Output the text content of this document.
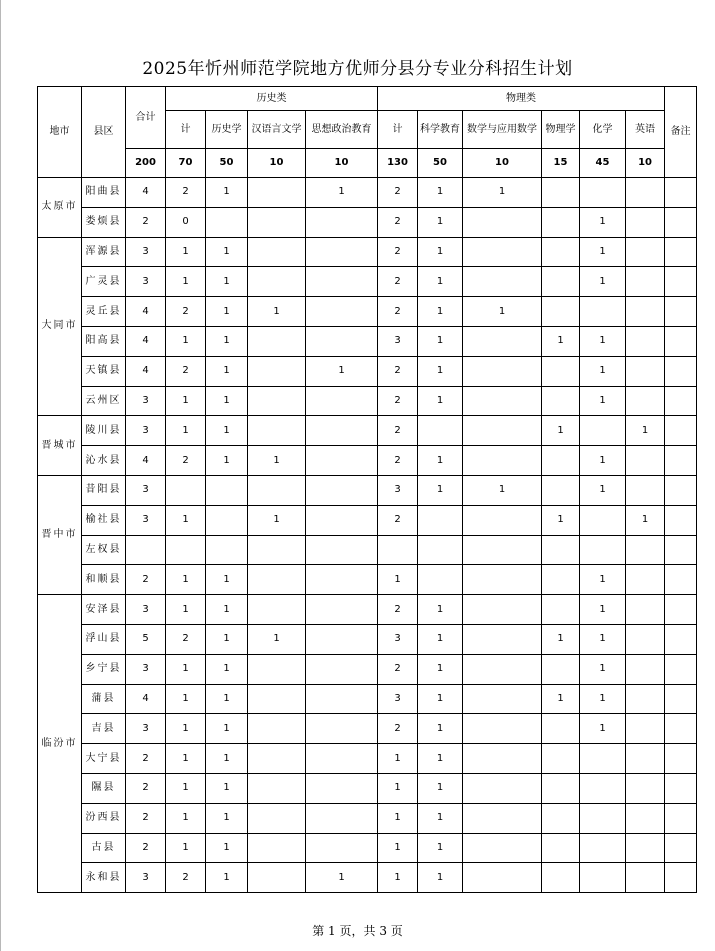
2025年忻州师范学院地方优师分县分专业分科招生计划
地市	县区	合计	历史类				物理类						备注
			计	历史学	汉语言文学	思想政治教育	计	科学教育	数学与应用数学	物理学	化学	英语	
		200	70	50	10	10	130	50	10	15	45	10	
太原市	阳曲县	4	2	1		1	2	1	1				
	娄烦县	2	0				2	1			1		
大同市	浑源县	3	1	1			2	1			1		
	广灵县	3	1	1			2	1			1		
	灵丘县	4	2	1	1		2	1	1				
	阳高县	4	1	1			3	1		1	1		
	天镇县	4	2	1		1	2	1			1		
	云州区	3	1	1			2	1			1		
晋城市	陵川县	3	1	1			2			1		1	
	沁水县	4	2	1	1		2	1			1		
晋中市	昔阳县	3					3	1	1		1		
	榆社县	3	1		1		2			1		1	
	左权县												
	和顺县	2	1	1			1				1		
临汾市	安泽县	3	1	1			2	1			1		
	浮山县	5	2	1	1		3	1		1	1		
	乡宁县	3	1	1			2	1			1		
	蒲县	4	1	1			3	1		1	1		
	吉县	3	1	1			2	1			1		
	大宁县	2	1	1			1	1					
	隰县	2	1	1			1	1					
	汾西县	2	1	1			1	1					
	古县	2	1	1			1	1					
	永和县	3	2	1		1	1	1					
第 1 页，共 3 页
